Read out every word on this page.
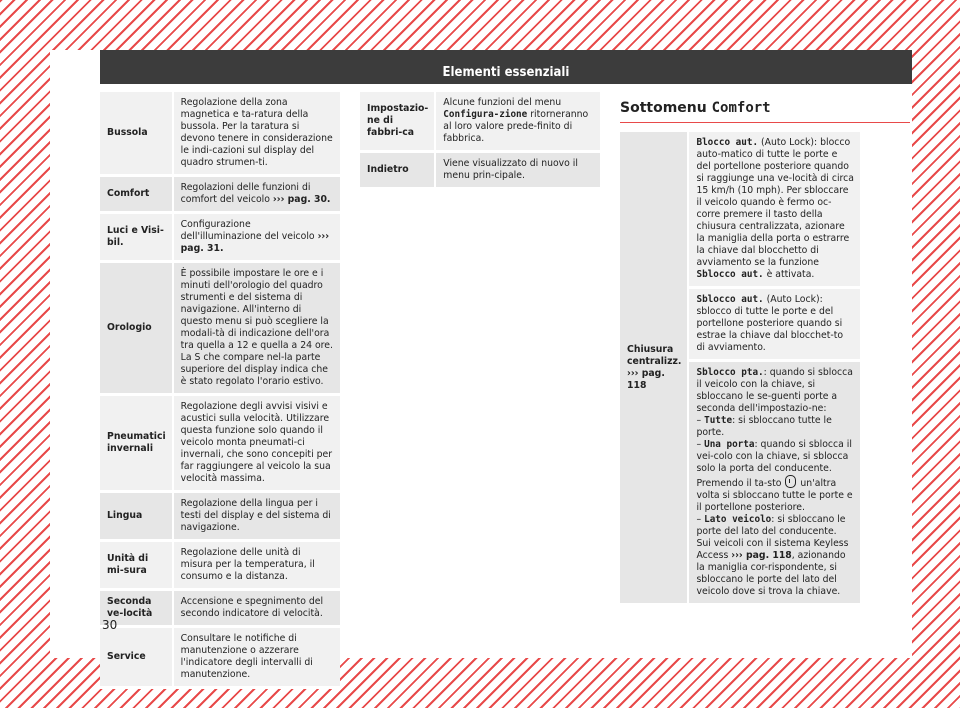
Elementi essenziali
Bussola	Regolazione della zona magnetica e ta-ratura della bussola. Per la taratura si devono tenere in considerazione le indi-cazioni sul display del quadro strumen-ti.
Comfort	Regolazioni delle funzioni di comfort del veicolo ››› pag. 30.
Luci e Visi-bil.	Configurazione dell'illuminazione del veicolo ››› pag. 31.
Orologio	È possibile impostare le ore e i minuti dell'orologio del quadro strumenti e del sistema di navigazione. All'interno di questo menu si può scegliere la modali-tà di indicazione dell'ora tra quella a 12 e quella a 24 ore. La S che compare nel-la parte superiore del display indica che è stato regolato l'orario estivo.
Pneumatici invernali	Regolazione degli avvisi visivi e acustici sulla velocità. Utilizzare questa funzione solo quando il veicolo monta pneumati-ci invernali, che sono concepiti per far raggiungere al veicolo la sua velocità massima.
Lingua	Regolazione della lingua per i testi del display e del sistema di navigazione.
Unità di mi-sura	Regolazione delle unità di misura per la temperatura, il consumo e la distanza.
Seconda ve-locità	Accensione e spegnimento del secondo indicatore di velocità.
Service	Consultare le notifiche di manutenzione o azzerare l'indicatore degli intervalli di manutenzione.
Impostazio-ne di fabbri-ca	Alcune funzioni del menu Configura-zione ritorneranno al loro valore prede-finito di fabbrica.
Indietro	Viene visualizzato di nuovo il menu prin-cipale.
Sottomenu Comfort
Chiusura centralizz.
››› pag. 118	Blocco aut. (Auto Lock): blocco auto-matico di tutte le porte e del portellone posteriore quando si raggiunge una ve-locità di circa 15 km/h (10 mph). Per sbloccare il veicolo quando è fermo oc-corre premere il tasto della chiusura centralizzata, azionare la maniglia della porta o estrarre la chiave dal blocchetto di avviamento se la funzione Sblocco aut. è attivata.
Sblocco aut. (Auto Lock): sblocco di tutte le porte e del portellone posteriore quando si estrae la chiave dal blocchet-to di avviamento.
Sblocco pta.: quando si sblocca il veicolo con la chiave, si sbloccano le se-guenti porte a seconda dell'impostazio-ne:
– Tutte: si sbloccano tutte le porte.
– Una porta: quando si sblocca il vei-colo con la chiave, si sblocca solo la porta del conducente. Premendo il ta-sto un'altra volta si sbloccano tutte le porte e il portellone posteriore.
– Lato veicolo: si sbloccano le porte del lato del conducente.
Sui veicoli con il sistema Keyless Access ››› pag. 118, azionando la maniglia cor-rispondente, si sbloccano le porte del lato del veicolo dove si trova la chiave.
30
